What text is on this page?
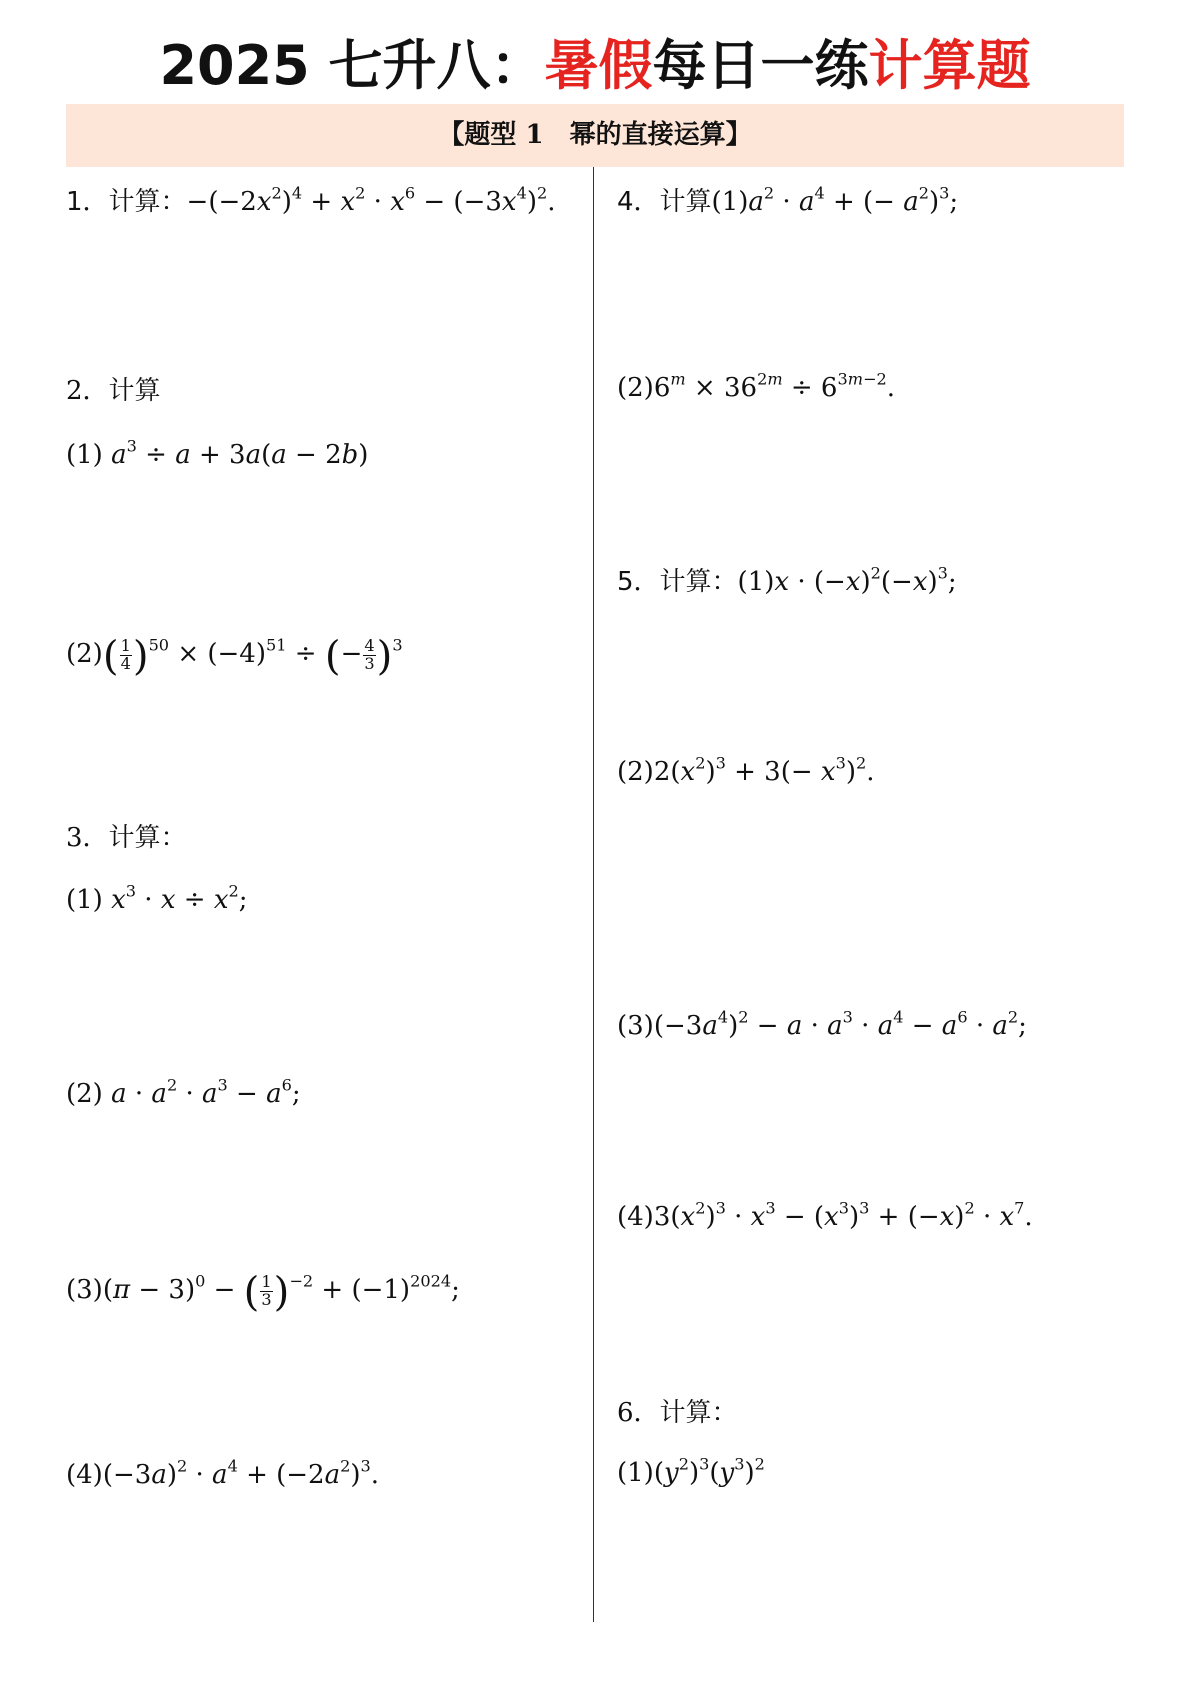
2025 七升八：暑假每日一练计算题
【题型 1　幂的直接运算】
1．计算：$-(-2x^2)^4 + x^2 \cdot x^6 - (-3x^4)^2$.
2．计算
(1) $a^3 \div a + 3a(a - 2b)$
$(2)( \frac{1}{4} )^{50} \times (-4)^{51}$ ÷ (− $\frac{4}{3} )^3$
3．计算：
(1) $x^3 \cdot x \div x^2$;
(2) $a \cdot a^2 \cdot a^3 - a^6$;
$(3)(\pi - 3)^0$ − ( $\frac{1}{3} )^{-2} + (-1)^{2024}$;
$(4)(-3a)^2 \cdot a^4 + (-2a^2)^3$.
4．计算$(1)a^2 \cdot a^4$ + (− $a^2)^3$;
$(2)6^m \times 36^{2m} \div 6^{3m-2}$.
5．计算：$(1)x \cdot (-x)^2(-x)^3$;
$(2)2(x^2)^3 + 3(- x^3)^2$.
$(3)(-3a^4)^2 - a \cdot a^3 \cdot a^4 - a^6 \cdot a^2$;
$(4)3(x^2)^3 \cdot x^3 - (x^3)^3 + (-x)^2 \cdot x^7$.
6．计算：
$(1)(y^2)^3(y^3)^2$
